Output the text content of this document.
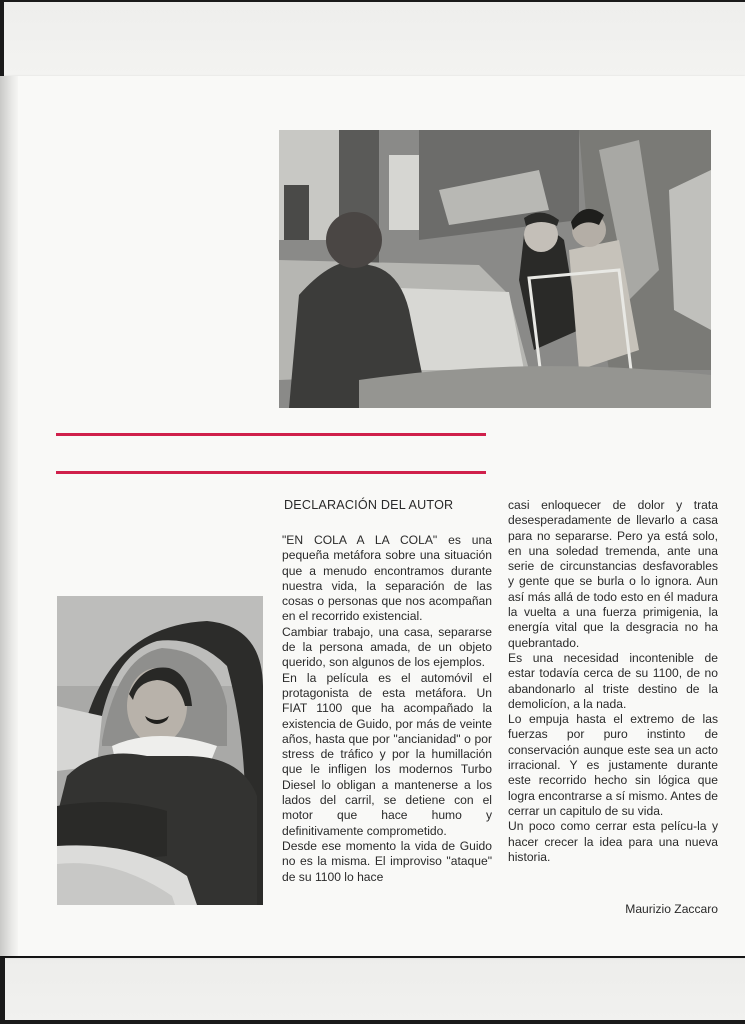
DECLARACIÓN DEL AUTOR

"EN COLA A LA COLA" es una pequeña metáfora sobre una situación que a menudo encontramos durante nuestra vida, la separación de las cosas o personas que nos acompañan en el recorrido existencial.

Cambiar trabajo, una casa, separarse de la persona amada, de un objeto querido, son algunos de los ejemplos.

En la película es el automóvil el protagonista de esta metáfora. Un FIAT 1100 que ha acompañado la existencia de Guido, por más de veinte años, hasta que por "ancianidad" o por stress de tráfico y por la humillación que le infligen los modernos Turbo Diesel lo obligan a mantenerse a los lados del carril, se detiene con el motor que hace humo y definitivamente comprometido.

Desde ese momento la vida de Guido no es la misma. El improviso "ataque" de su 1100 lo hace

casi enloquecer de dolor y trata desesperadamente de llevarlo a casa para no separarse. Pero ya está solo, en una soledad tremenda, ante una serie de circunstancias desfavorables y gente que se burla o lo ignora. Aun así más allá de todo esto en él madura la vuelta a una fuerza primigenia, la energía vital que la desgracia no ha quebrantado.

Es una necesidad incontenible de estar todavía cerca de su 1100, de no abandonarlo al triste destino de la demolicíon, a la nada.

Lo empuja hasta el extremo de las fuerzas por puro instinto de conservación aunque este sea un acto irracional. Y es justamente durante este recorrido hecho sin lógica que logra encontrarse a sí mismo. Antes de cerrar un capitulo de su vida.

Un poco como cerrar esta pelícu-la y hacer crecer la idea para una nueva historia.

Maurizio Zaccaro
